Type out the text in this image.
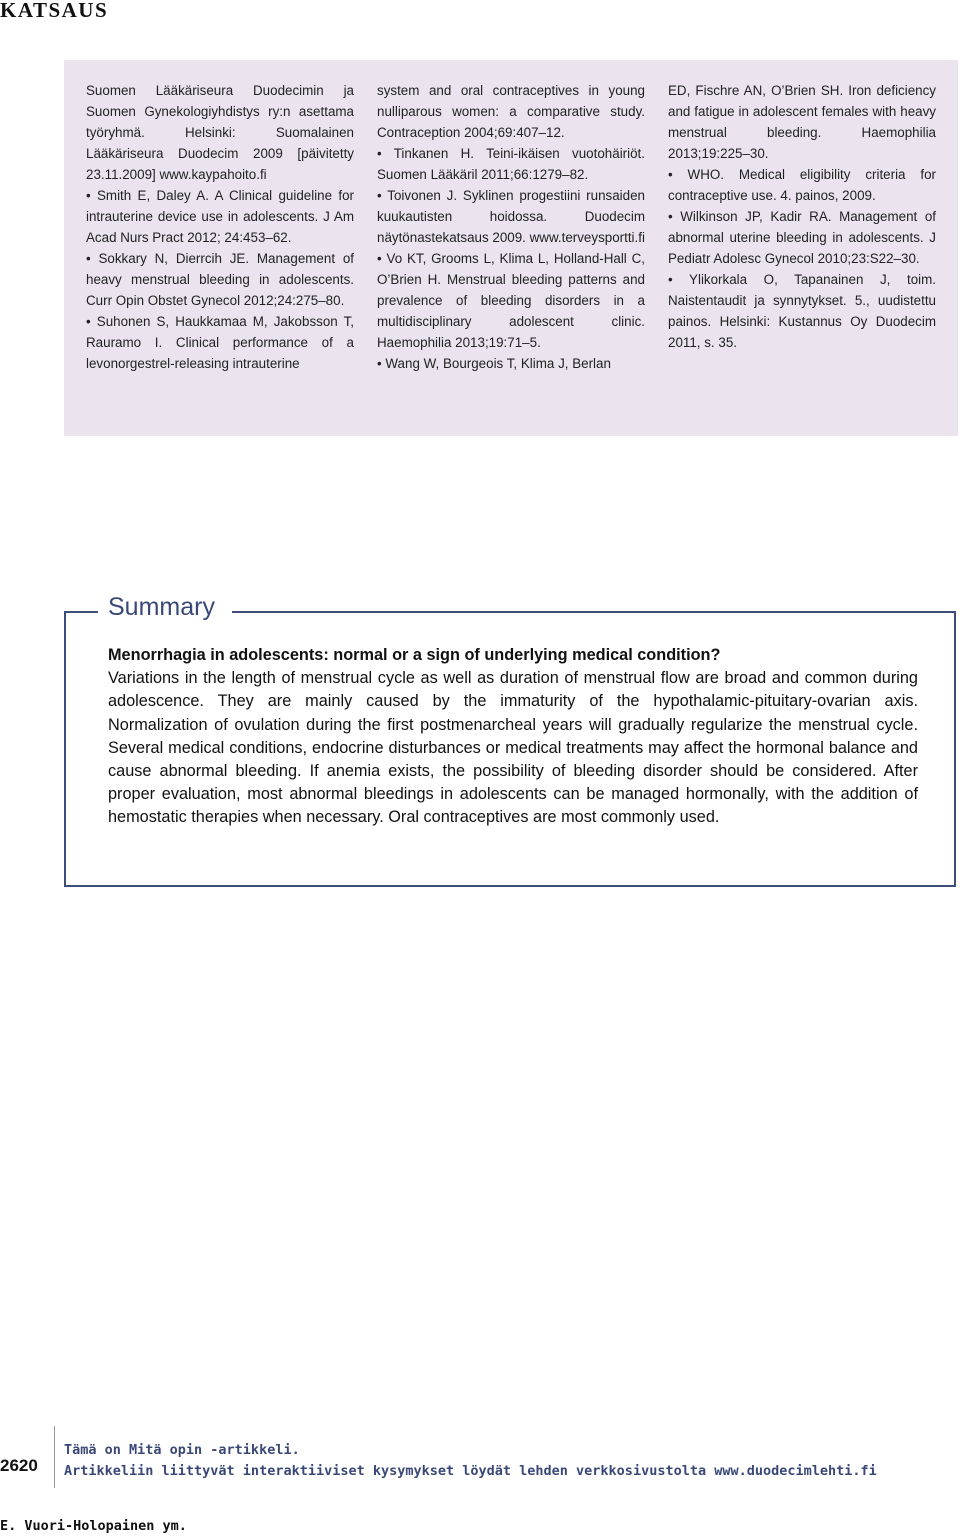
KATSAUS

Suomen Lääkäriseura Duodecimin ja Suomen Gynekologiyhdistys ry:n asettama työryhmä. Helsinki: Suomalainen Lääkäriseura Duodecim 2009 [päivitetty 23.11.2009] www.kaypahoito.fi

• Smith E, Daley A. A Clinical guideline for intrauterine device use in adolescents. J Am Acad Nurs Pract 2012; 24:453–62.

• Sokkary N, Dierrcih JE. Management of heavy menstrual bleeding in adolescents. Curr Opin Obstet Gynecol 2012;24:275–80.

• Suhonen S, Haukkamaa M, Jakobsson T, Rauramo I. Clinical performance of a levonorgestrel-releasing intrauterine

system and oral contraceptives in young nulliparous women: a comparative study. Contraception 2004;69:407–12.

• Tinkanen H. Teini-ikäisen vuotohäiriöt. Suomen Lääkäril 2011;66:1279–82.

• Toivonen J. Syklinen progestiini runsaiden kuukautisten hoidossa. Duodecim näytönastekatsaus 2009. www.terveysportti.fi

• Vo KT, Grooms L, Klima L, Holland-Hall C, O’Brien H. Menstrual bleeding patterns and prevalence of bleeding disorders in a multidisciplinary adolescent clinic. Haemophilia 2013;19:71–5.

• Wang W, Bourgeois T, Klima J, Berlan

ED, Fischre AN, O’Brien SH. Iron deficiency and fatigue in adolescent females with heavy menstrual bleeding. Haemophilia 2013;19:225–30.

• WHO. Medical eligibility criteria for contraceptive use. 4. painos, 2009.

• Wilkinson JP, Kadir RA. Management of abnormal uterine bleeding in adolescents. J Pediatr Adolesc Gynecol 2010;23:S22–30.

• Ylikorkala O, Tapanainen J, toim. Naistentaudit ja synnytykset. 5., uudistettu painos. Helsinki: Kustannus Oy Duodecim 2011, s. 35.

Summary

Menorrhagia in adolescents: normal or a sign of underlying medical condition?

Variations in the length of menstrual cycle as well as duration of menstrual flow are broad and common during adolescence. They are mainly caused by the immaturity of the hypothalamic-pituitary-ovarian axis. Normalization of ovulation during the first postmenarcheal years will gradually regularize the menstrual cycle. Several medical conditions, endocrine disturbances or medical treatments may affect the hormonal balance and cause abnormal bleeding. If anemia exists, the possibility of bleeding disorder should be considered. After proper evaluation, most abnormal bleedings in adolescents can be managed hormonally, with the addition of hemostatic therapies when necessary. Oral contraceptives are most commonly used.

2620

Tämä on Mitä opin -artikkeli.

Artikkeliin liittyvät interaktiiviset kysymykset löydät lehden verkkosivustolta www.duodecimlehti.fi

E. Vuori-Holopainen ym.
